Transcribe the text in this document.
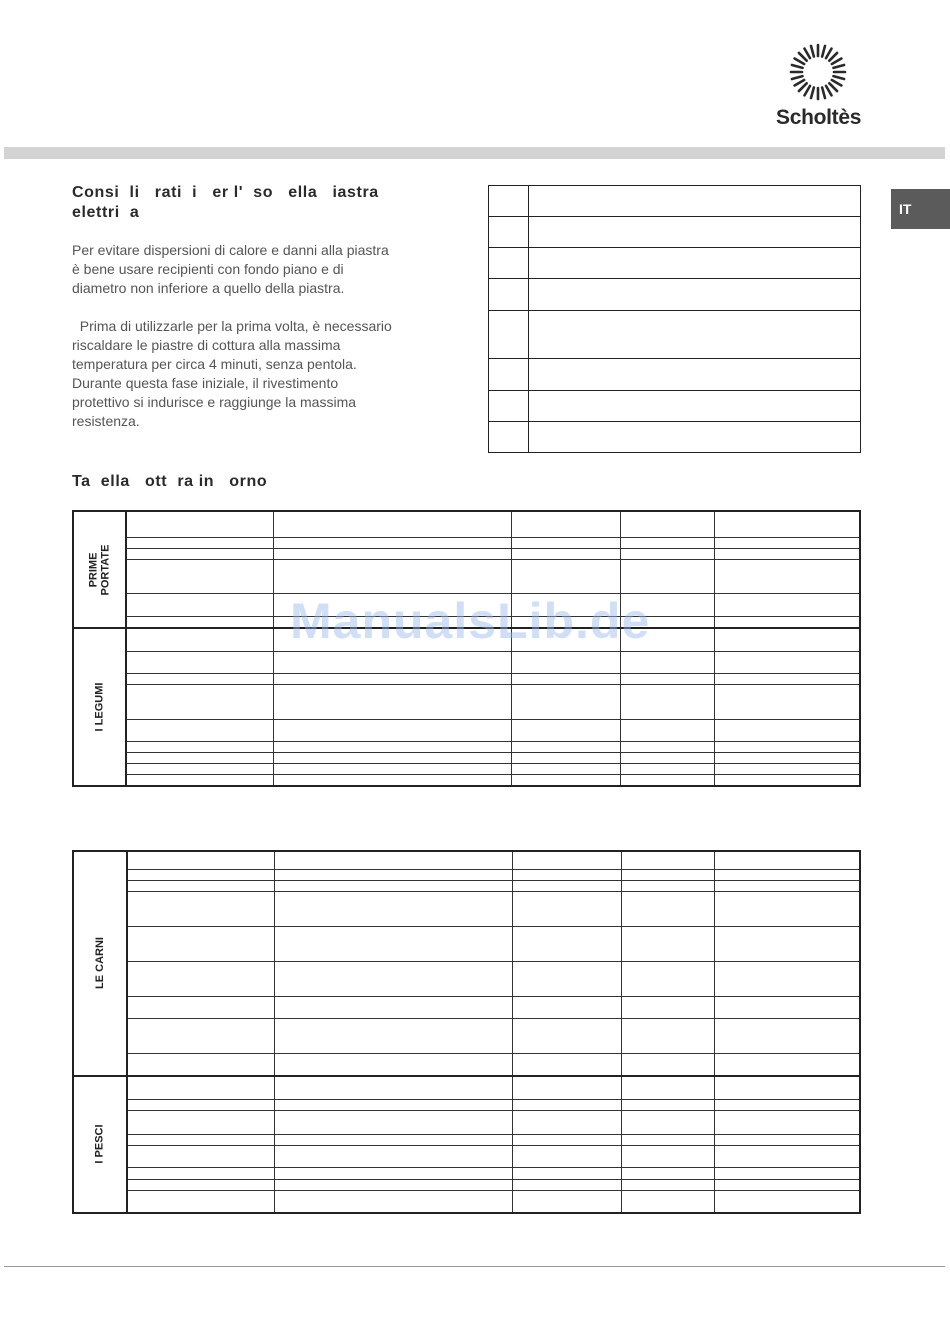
Scholtès
IT
Consi  li   rati  i   er l'  so   ella   iastra
elettri  a
Per evitare dispersioni di calore e danni alla piastra
è bene usare recipienti con fondo piano e di
diametro non inferiore a quello della piastra.
Prima di utilizzarle per la prima volta, è necessario
riscaldare le piastre di cottura alla massima
temperatura per circa 4 minuti, senza pentola.
Durante questa fase iniziale, il rivestimento
protettivo si indurisce e raggiunge la massima
resistenza.

Ta  ella   ott  ra in   orno
PRIME
PORTATE					

I LEGUMI					

LE CARNI					

I PESCI					

ManualsLib.de
